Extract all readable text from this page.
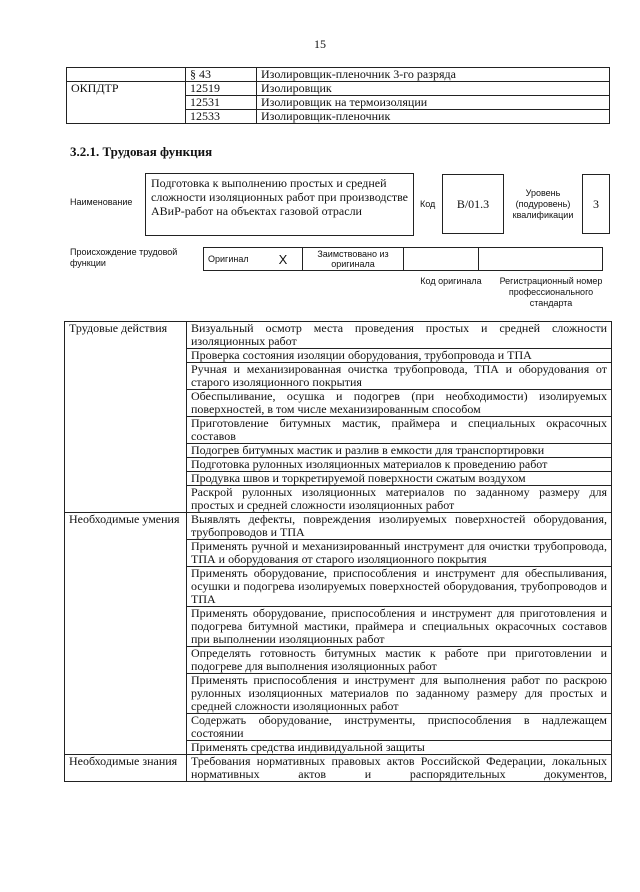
15
	§ 43	Изолировщик-пленочник 3-го разряда
ОКПДТР	12519	Изолировщик
	12531	Изолировщик на термоизоляции
	12533	Изолировщик-пленочник
3.2.1. Трудовая функция
Наименование
Подготовка к выполнению простых и средней сложности изоляционных работ при производстве АВиР-работ на объектах газовой отрасли	Код	B/01.3
Уровень (подуровень) квалификации
3
Происхождение трудовой функции	Оригинал	X	Заимствовано из оригинала		
Код оригинала	Регистрационный номер профессионального стандарта
Трудовые действия	Визуальный осмотр места проведения простых и средней сложности изоляционных работ
	Проверка состояния изоляции оборудования, трубопровода и ТПА
	Ручная и механизированная очистка трубопровода, ТПА и оборудования от старого изоляционного покрытия
	Обеспыливание, осушка и подогрев (при необходимости) изолируемых поверхностей, в том числе механизированным способом
	Приготовление битумных мастик, праймера и специальных окрасочных составов
	Подогрев битумных мастик и разлив в емкости для транспортировки
	Подготовка рулонных изоляционных материалов к проведению работ
	Продувка швов и торкретируемой поверхности сжатым воздухом
	Раскрой рулонных изоляционных материалов по заданному размеру для простых и средней сложности изоляционных работ
Необходимые умения	Выявлять дефекты, повреждения изолируемых поверхностей оборудования, трубопроводов и ТПА
	Применять ручной и механизированный инструмент для очистки трубопровода, ТПА и оборудования от старого изоляционного покрытия
	Применять оборудование, приспособления и инструмент для обеспыливания, осушки и подогрева изолируемых поверхностей оборудования, трубопроводов и ТПА
	Применять оборудование, приспособления и инструмент для приготовления и подогрева битумной мастики, праймера и специальных окрасочных составов при выполнении изоляционных работ
	Определять готовность битумных мастик к работе при приготовлении и подогреве для выполнения изоляционных работ
	Применять приспособления и инструмент для выполнения работ по раскрою рулонных изоляционных материалов по заданному размеру для простых и средней сложности изоляционных работ
	Содержать оборудование, инструменты, приспособления в надлежащем состоянии
	Применять средства индивидуальной защиты
Необходимые знания	Требования нормативных правовых актов Российской Федерации, локальных нормативных актов и распорядительных документов,
